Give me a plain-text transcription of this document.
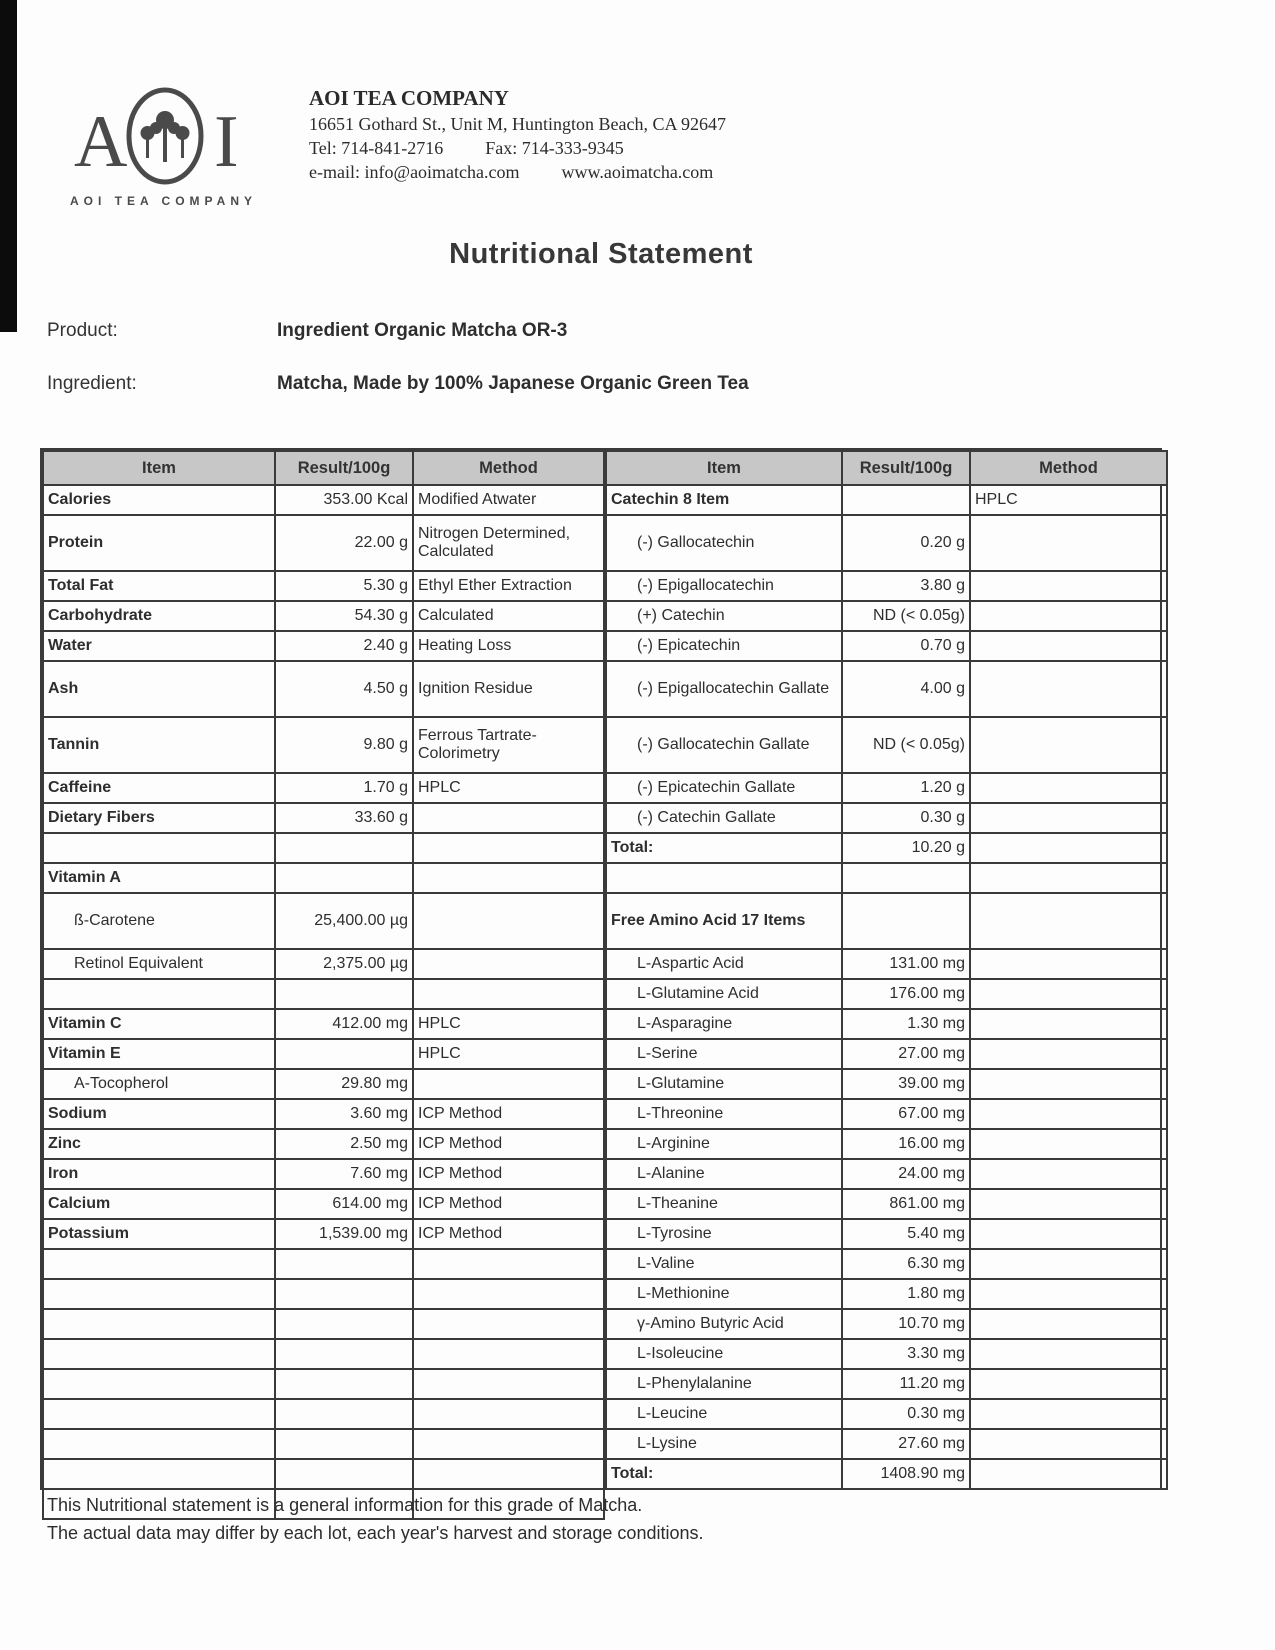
A I
AOI TEA COMPANY
AOI TEA COMPANY
16651 Gothard St., Unit M, Huntington Beach, CA 92647
Tel: 714-841-2716 Fax: 714-333-9345
e-mail: info@aoimatcha.com www.aoimatcha.com
Nutritional Statement
Product:	Ingredient Organic Matcha OR-3
Ingredient:	Matcha, Made by 100% Japanese Organic Green Tea
Item	Result/100g	Method
Calories	353.00 Kcal	Modified Atwater
Protein	22.00 g	Nitrogen Determined, Calculated
Total Fat	5.30 g	Ethyl Ether Extraction
Carbohydrate	54.30 g	Calculated
Water	2.40 g	Heating Loss
Ash	4.50 g	Ignition Residue
Tannin	9.80 g	Ferrous Tartrate- Colorimetry
Caffeine	1.70 g	HPLC
Dietary Fibers	33.60 g	

Vitamin A		
ß-Carotene	25,400.00 µg	
Retinol Equivalent	2,375.00 µg	

Vitamin C	412.00 mg	HPLC
Vitamin E		HPLC
A-Tocopherol	29.80 mg	
Sodium	3.60 mg	ICP Method
Zinc	2.50 mg	ICP Method
Iron	7.60 mg	ICP Method
Calcium	614.00 mg	ICP Method
Potassium	1,539.00 mg	ICP Method

Item	Result/100g	Method
Catechin 8 Item		HPLC
(-) Gallocatechin	0.20 g	
(-) Epigallocatechin	3.80 g	
(+) Catechin	ND (< 0.05g)	
(-) Epicatechin	0.70 g	
(-) Epigallocatechin Gallate	4.00 g	
(-) Gallocatechin Gallate	ND (< 0.05g)	
(-) Epicatechin Gallate	1.20 g	
(-) Catechin Gallate	0.30 g	
Total:	10.20 g	

Free Amino Acid 17 Items		
L-Aspartic Acid	131.00 mg	
L-Glutamine Acid	176.00 mg	
L-Asparagine	1.30 mg	
L-Serine	27.00 mg	
L-Glutamine	39.00 mg	
L-Threonine	67.00 mg	
L-Arginine	16.00 mg	
L-Alanine	24.00 mg	
L-Theanine	861.00 mg	
L-Tyrosine	5.40 mg	
L-Valine	6.30 mg	
L-Methionine	1.80 mg	
γ-Amino Butyric Acid	10.70 mg	
L-Isoleucine	3.30 mg	
L-Phenylalanine	11.20 mg	
L-Leucine	0.30 mg	
L-Lysine	27.60 mg	
Total:	1408.90 mg	
This Nutritional statement is a general information for this grade of Matcha.
The actual data may differ by each lot, each year's harvest and storage conditions.
